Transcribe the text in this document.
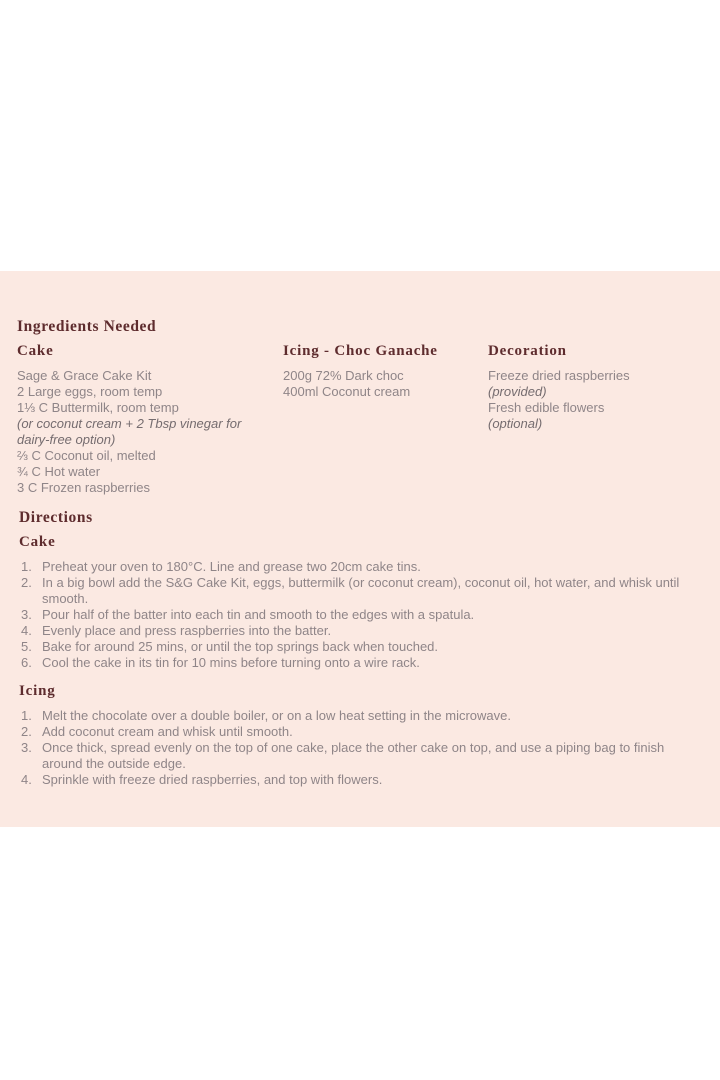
Ingredients Needed
Cake
Sage & Grace Cake Kit
2 Large eggs, room temp
1⅓ C Buttermilk, room temp
(or coconut cream + 2 Tbsp vinegar for dairy-free option)
⅔ C Coconut oil, melted
¾ C Hot water
3 C Frozen raspberries
Icing - Choc Ganache
200g 72% Dark choc
400ml Coconut cream
Decoration
Freeze dried raspberries
(provided)
Fresh edible flowers
(optional)
Directions
Cake
Preheat your oven to 180°C. Line and grease two 20cm cake tins.
In a big bowl add the S&G Cake Kit, eggs, buttermilk (or coconut cream), coconut oil, hot water, and whisk until smooth.
Pour half of the batter into each tin and smooth to the edges with a spatula.
Evenly place and press raspberries into the batter.
Bake for around 25 mins, or until the top springs back when touched.
Cool the cake in its tin for 10 mins before turning onto a wire rack.
Icing
Melt the chocolate over a double boiler, or on a low heat setting in the microwave.
Add coconut cream and whisk until smooth.
Once thick, spread evenly on the top of one cake, place the other cake on top, and use a piping bag to finish around the outside edge.
Sprinkle with freeze dried raspberries, and top with flowers.
